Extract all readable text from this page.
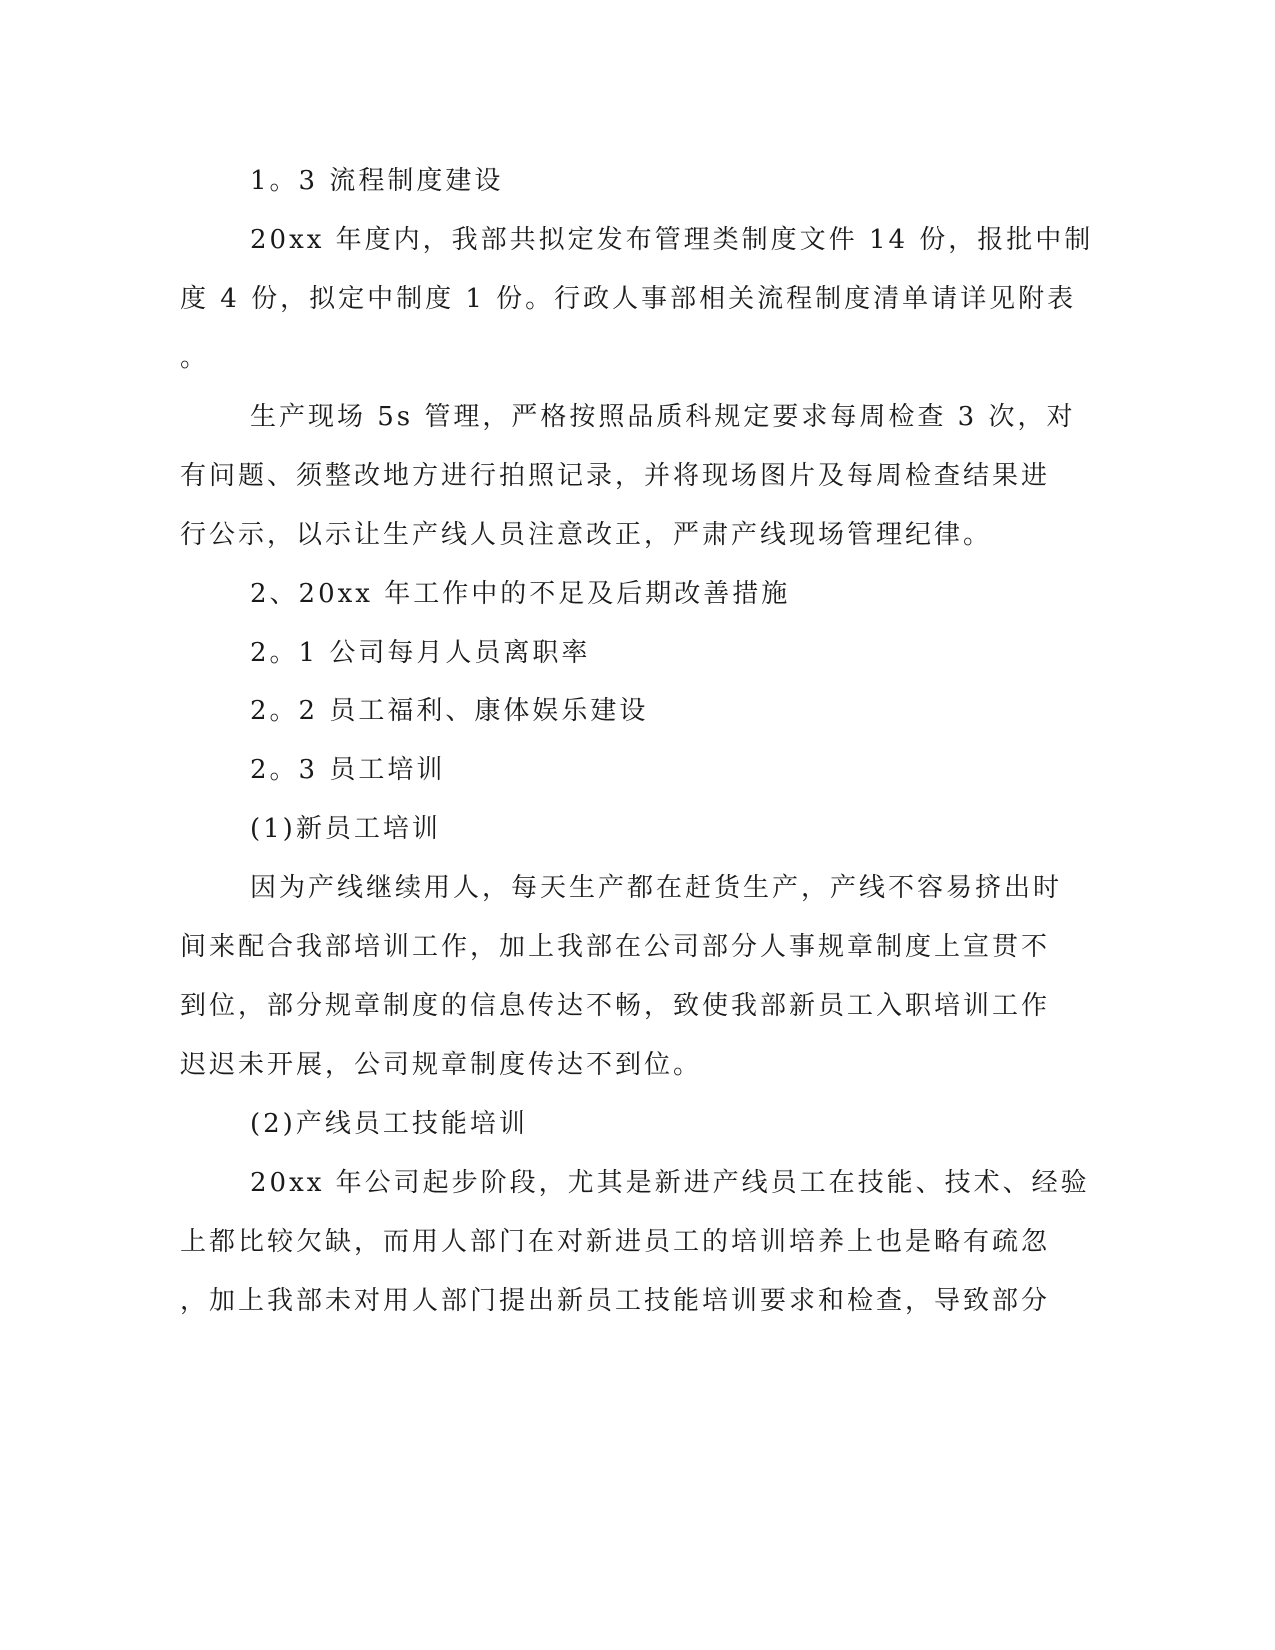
1。3 流程制度建设

20xx 年度内，我部共拟定发布管理类制度文件 14 份，报批中制

度 4 份，拟定中制度 1 份。行政人事部相关流程制度清单请详见附表

。

生产现场 5s 管理，严格按照品质科规定要求每周检查 3 次，对

有问题、须整改地方进行拍照记录，并将现场图片及每周检查结果进

行公示，以示让生产线人员注意改正，严肃产线现场管理纪律。

2、20xx 年工作中的不足及后期改善措施

2。1 公司每月人员离职率

2。2 员工福利、康体娱乐建设

2。3 员工培训

(1)新员工培训

因为产线继续用人，每天生产都在赶货生产，产线不容易挤出时

间来配合我部培训工作，加上我部在公司部分人事规章制度上宣贯不

到位，部分规章制度的信息传达不畅，致使我部新员工入职培训工作

迟迟未开展，公司规章制度传达不到位。

(2)产线员工技能培训

20xx 年公司起步阶段，尤其是新进产线员工在技能、技术、经验

上都比较欠缺，而用人部门在对新进员工的培训培养上也是略有疏忽

，加上我部未对用人部门提出新员工技能培训要求和检查，导致部分
